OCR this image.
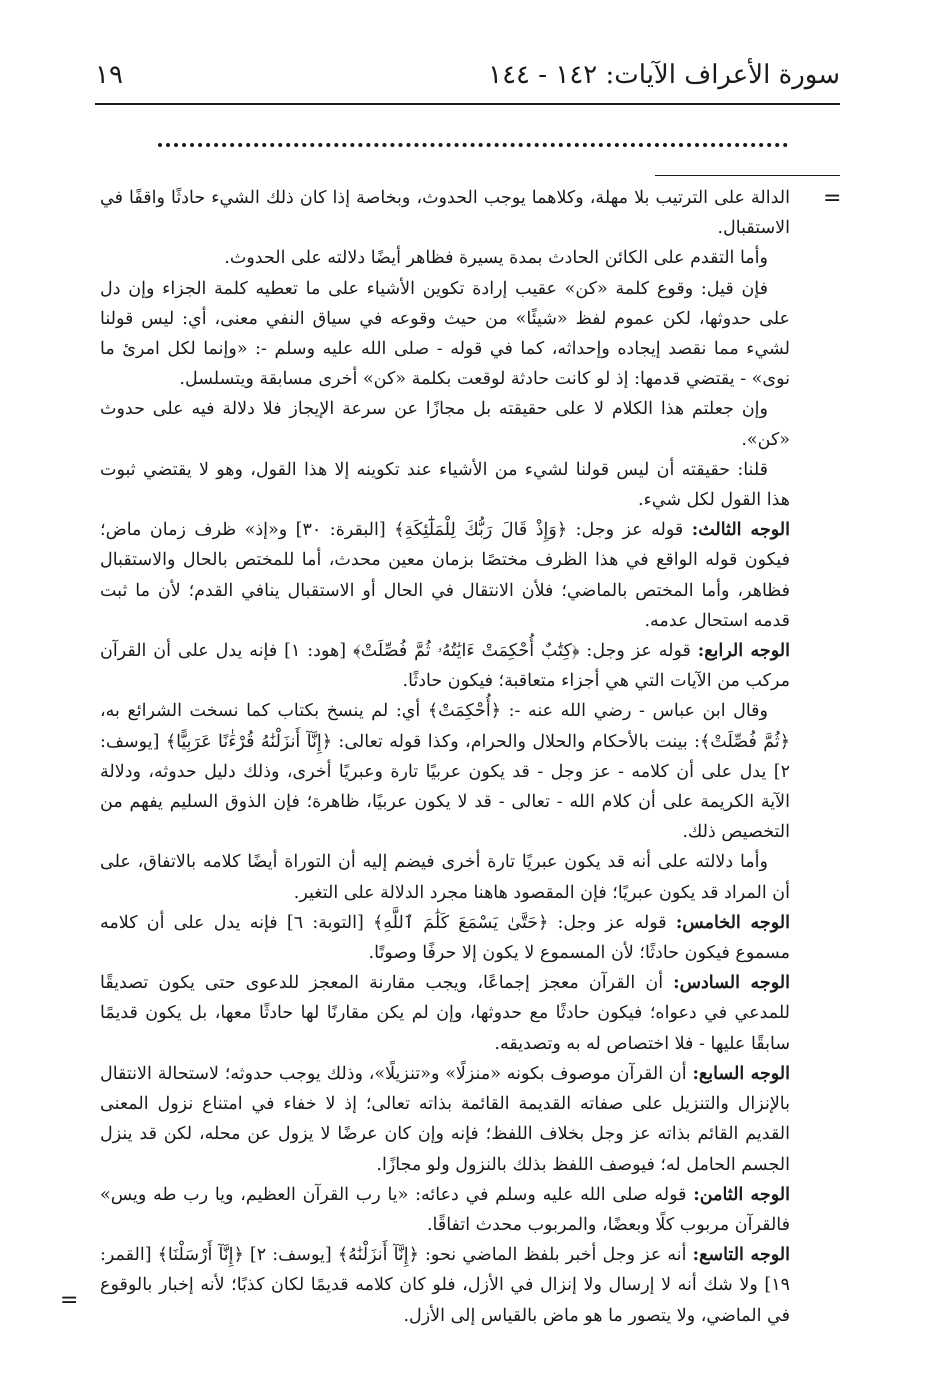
١٩	سورة الأعراف الآيات: ١٤٢ - ١٤٤
=

الدالة على الترتيب بلا مهلة، وكلاهما يوجب الحدوث، وبخاصة إذا كان ذلك الشيء حادثًا واقفًا في الاستقبال.

وأما التقدم على الكائن الحادث بمدة يسيرة فظاهر أيضًا دلالته على الحدوث.

فإن قيل: وقوع كلمة «كن» عقيب إرادة تكوين الأشياء على ما تعطيه كلمة الجزاء وإن دل على حدوثها، لكن عموم لفظ «شيئًا» من حيث وقوعه في سياق النفي معنى، أي: ليس قولنا لشيء مما نقصد إيجاده وإحداثه، كما في قوله - صلى الله عليه وسلم -: «وإنما لكل امرئ ما نوى» - يقتضي قدمها: إذ لو كانت حادثة لوقعت بكلمة «كن» أخرى مسابقة ويتسلسل.

وإن جعلتم هذا الكلام لا على حقيقته بل مجازًا عن سرعة الإيجاز فلا دلالة فيه على حدوث «كن».

قلنا: حقيقته أن ليس قولنا لشيء من الأشياء عند تكوينه إلا هذا القول، وهو لا يقتضي ثبوت هذا القول لكل شيء.

الوجه الثالث: قوله عز وجل: ﴿وَإِذْ قَالَ رَبُّكَ لِلْمَلَٰٓئِكَةِ﴾ [البقرة: ٣٠] و«إذ» ظرف زمان ماض؛ فيكون قوله الواقع في هذا الظرف مختصًا بزمان معين محدث، أما للمختص بالحال والاستقبال فظاهر، وأما المختص بالماضي؛ فلأن الانتقال في الحال أو الاستقبال ينافي القدم؛ لأن ما ثبت قدمه استحال عدمه.

الوجه الرابع: قوله عز وجل: ﴿كِتَٰبٌ أُحْكِمَتْ ءَايَٰتُهُۥ ثُمَّ فُصِّلَتْ﴾ [هود: ١] فإنه يدل على أن القرآن مركب من الآيات التي هي أجزاء متعاقبة؛ فيكون حادثًا.

وقال ابن عباس - رضي الله عنه -: ﴿أُحْكِمَتْ﴾ أي: لم ينسخ بكتاب كما نسخت الشرائع به، ﴿ثُمَّ فُصِّلَتْ﴾: بينت بالأحكام والحلال والحرام، وكذا قوله تعالى: ﴿إِنَّآ أَنزَلْنَٰهُ قُرْءَٰنًا عَرَبِيًّا﴾ [يوسف: ٢] يدل على أن كلامه - عز وجل - قد يكون عربيًا تارة وعبريًا أخرى، وذلك دليل حدوثه، ودلالة الآية الكريمة على أن كلام الله - تعالى - قد لا يكون عربيًا، ظاهرة؛ فإن الذوق السليم يفهم من التخصيص ذلك.

وأما دلالته على أنه قد يكون عبريًا تارة أخرى فيضم إليه أن التوراة أيضًا كلامه بالاتفاق، على أن المراد قد يكون عبريًا؛ فإن المقصود هاهنا مجرد الدلالة على التغير.

الوجه الخامس: قوله عز وجل: ﴿حَتَّىٰ يَسْمَعَ كَلَٰمَ ٱللَّهِ﴾ [التوبة: ٦] فإنه يدل على أن كلامه مسموع فيكون حادثًا؛ لأن المسموع لا يكون إلا حرفًا وصوتًا.

الوجه السادس: أن القرآن معجز إجماعًا، ويجب مقارنة المعجز للدعوى حتى يكون تصديقًا للمدعي في دعواه؛ فيكون حادثًا مع حدوثها، وإن لم يكن مقارنًا لها حادثًا معها، بل يكون قديمًا سابقًا عليها - فلا اختصاص له به وتصديقه.

الوجه السابع: أن القرآن موصوف بكونه «منزلًا» و«تنزيلًا»، وذلك يوجب حدوثه؛ لاستحالة الانتقال بالإنزال والتنزيل على صفاته القديمة القائمة بذاته تعالى؛ إذ لا خفاء في امتناع نزول المعنى القديم القائم بذاته عز وجل بخلاف اللفظ؛ فإنه وإن كان عرضًا لا يزول عن محله، لكن قد ينزل الجسم الحامل له؛ فيوصف اللفظ بذلك بالنزول ولو مجازًا.

الوجه الثامن: قوله صلى الله عليه وسلم في دعائه: «يا رب القرآن العظيم، ويا رب طه ويس» فالقرآن مربوب كلًا وبعضًا، والمربوب محدث اتفاقًا.

الوجه التاسع: أنه عز وجل أخبر بلفظ الماضي نحو: ﴿إِنَّآ أَنزَلْنَٰهُ﴾ [يوسف: ٢] ﴿إِنَّآ أَرْسَلْنَا﴾ [القمر: ١٩] ولا شك أنه لا إرسال ولا إنزال في الأزل، فلو كان كلامه قديمًا لكان كذبًا؛ لأنه إخبار بالوقوع في الماضي، ولا يتصور ما هو ماض بالقياس إلى الأزل.

=
